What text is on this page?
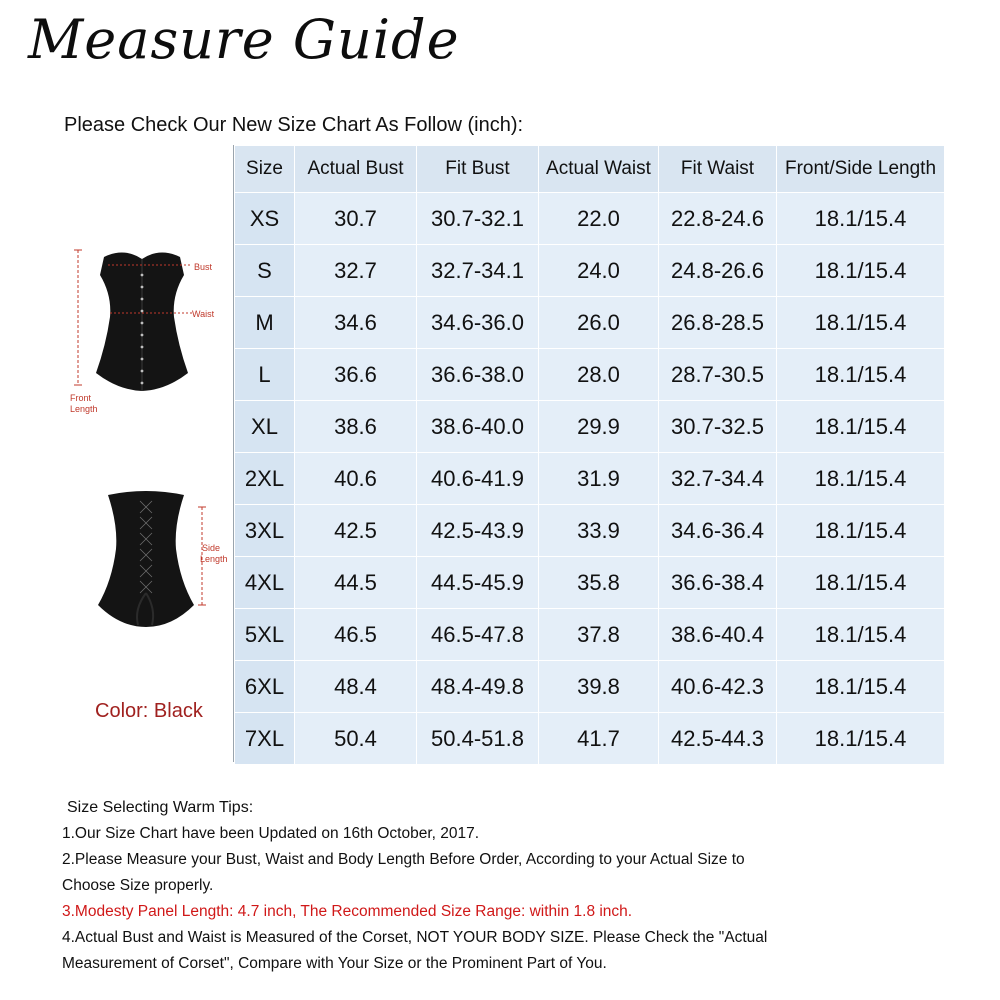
Measure Guide
Please Check Our New Size Chart As Follow (inch):
Bust
Waist
Front
Length
Side
Length
Color: Black
Size	Actual Bust	Fit Bust	Actual Waist	Fit Waist	Front/Side Length
XS	30.7	30.7-32.1	22.0	22.8-24.6	18.1/15.4
S	32.7	32.7-34.1	24.0	24.8-26.6	18.1/15.4
M	34.6	34.6-36.0	26.0	26.8-28.5	18.1/15.4
L	36.6	36.6-38.0	28.0	28.7-30.5	18.1/15.4
XL	38.6	38.6-40.0	29.9	30.7-32.5	18.1/15.4
2XL	40.6	40.6-41.9	31.9	32.7-34.4	18.1/15.4
3XL	42.5	42.5-43.9	33.9	34.6-36.4	18.1/15.4
4XL	44.5	44.5-45.9	35.8	36.6-38.4	18.1/15.4
5XL	46.5	46.5-47.8	37.8	38.6-40.4	18.1/15.4
6XL	48.4	48.4-49.8	39.8	40.6-42.3	18.1/15.4
7XL	50.4	50.4-51.8	41.7	42.5-44.3	18.1/15.4
Size Selecting Warm Tips:
1.Our Size Chart have been Updated on 16th October, 2017.
2.Please Measure your Bust, Waist and Body Length Before Order, According to your Actual Size to
Choose Size properly.
3.Modesty Panel Length: 4.7 inch, The Recommended Size Range: within 1.8 inch.
4.Actual Bust and Waist is Measured of the Corset, NOT YOUR BODY SIZE. Please Check the "Actual
Measurement of Corset", Compare with Your Size or the Prominent Part of You.
